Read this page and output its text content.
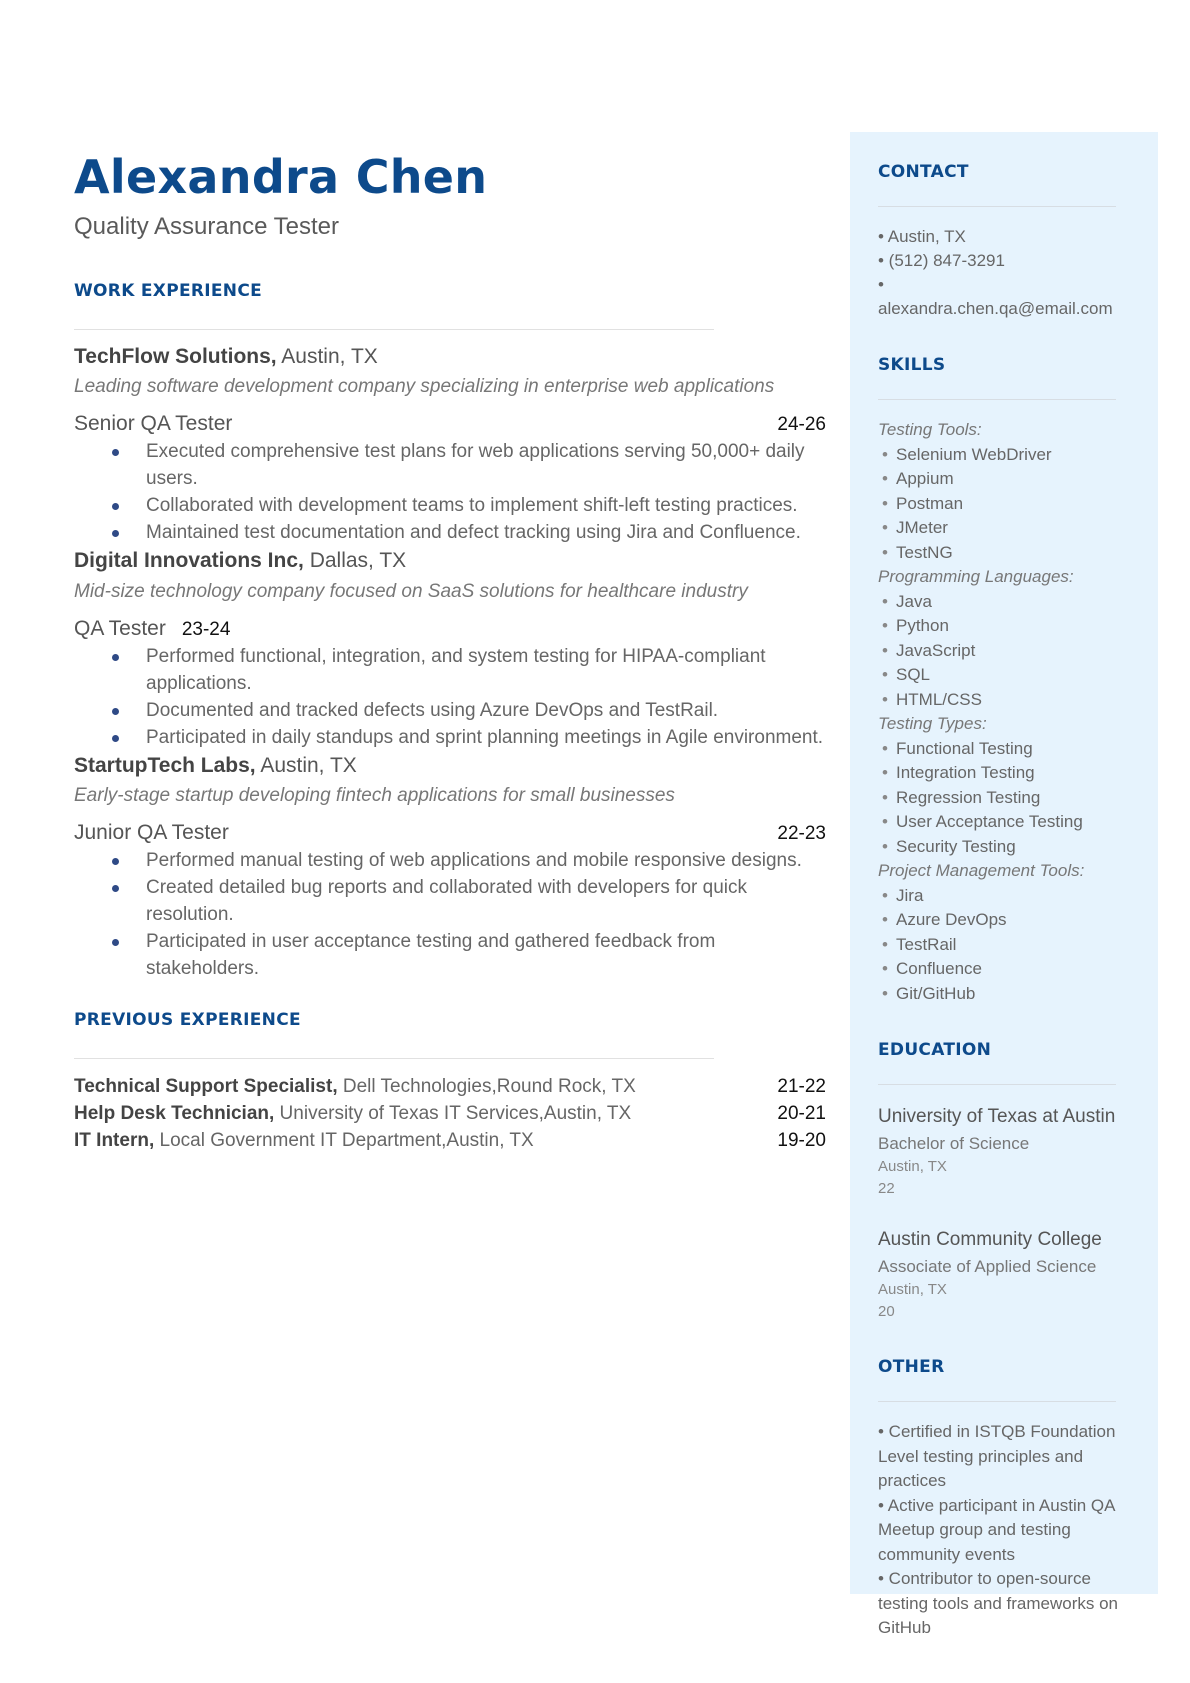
Alexandra Chen
Quality Assurance Tester
WORK EXPERIENCE
TechFlow Solutions, Austin, TX
Leading software development company specializing in enterprise web applications
Senior QA Tester	24-26
Executed comprehensive test plans for web applications serving 50,000+ daily users.
Collaborated with development teams to implement shift-left testing practices.
Maintained test documentation and defect tracking using Jira and Confluence.
Digital Innovations Inc, Dallas, TX
Mid-size technology company focused on SaaS solutions for healthcare industry
QA Tester 23-24
Performed functional, integration, and system testing for HIPAA-compliant applications.
Documented and tracked defects using Azure DevOps and TestRail.
Participated in daily standups and sprint planning meetings in Agile environment.
StartupTech Labs, Austin, TX
Early-stage startup developing fintech applications for small businesses
Junior QA Tester	22-23
Performed manual testing of web applications and mobile responsive designs.
Created detailed bug reports and collaborated with developers for quick resolution.
Participated in user acceptance testing and gathered feedback from stakeholders.
PREVIOUS EXPERIENCE
Technical Support Specialist, Dell Technologies,Round Rock, TX	21-22
Help Desk Technician, University of Texas IT Services,Austin, TX	20-21
IT Intern, Local Government IT Department,Austin, TX	19-20
CONTACT
• Austin, TX
• (512) 847-3291
•
alexandra.chen.qa@email.com
SKILLS
Testing Tools:
• Selenium WebDriver
• Appium
• Postman
• JMeter
• TestNG
Programming Languages:
• Java
• Python
• JavaScript
• SQL
• HTML/CSS
Testing Types:
• Functional Testing
• Integration Testing
• Regression Testing
• User Acceptance Testing
• Security Testing
Project Management Tools:
• Jira
• Azure DevOps
• TestRail
• Confluence
• Git/GitHub
EDUCATION
University of Texas at Austin
Bachelor of Science
Austin, TX
22
Austin Community College
Associate of Applied Science
Austin, TX
20
OTHER
• Certified in ISTQB Foundation Level testing principles and practices
• Active participant in Austin QA Meetup group and testing community events
• Contributor to open-source testing tools and frameworks on GitHub
